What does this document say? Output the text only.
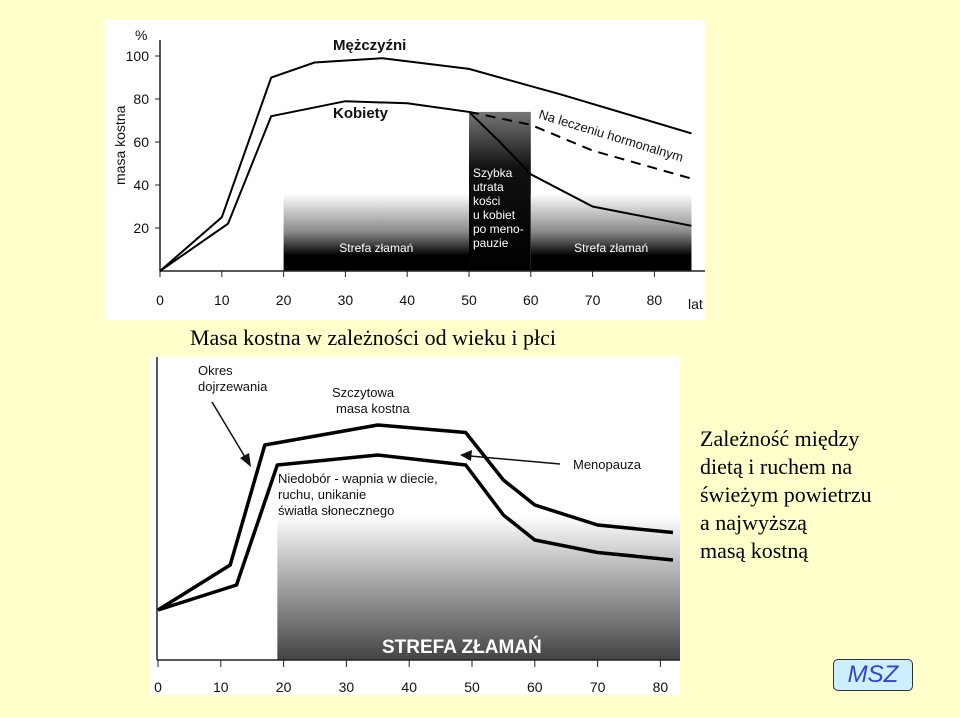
0	10	20	30	40	50	60	70	80
20
40
60
80
100
%
masa kostna
lat
Mężczyźni
Kobiety	Na leczeniu hormonalnym
Strefa złamań
Szybka
utrata
kości
u kobiet
po meno-
pauzie	Strefa złamań
0	10	20	30	40	50	60	70	80
STREFA ZŁAMAŃ
Okres dojrzewania	Szczytowa masa kostna
Menopauza
Niedobór - wapnia w diecie, ruchu, unikanie światła słonecznego
Masa kostna w zależności od wieku i płci
Zależność między
dietą i ruchem na
świeżym powietrzu
a najwyższą
masą kostną
MSZ
